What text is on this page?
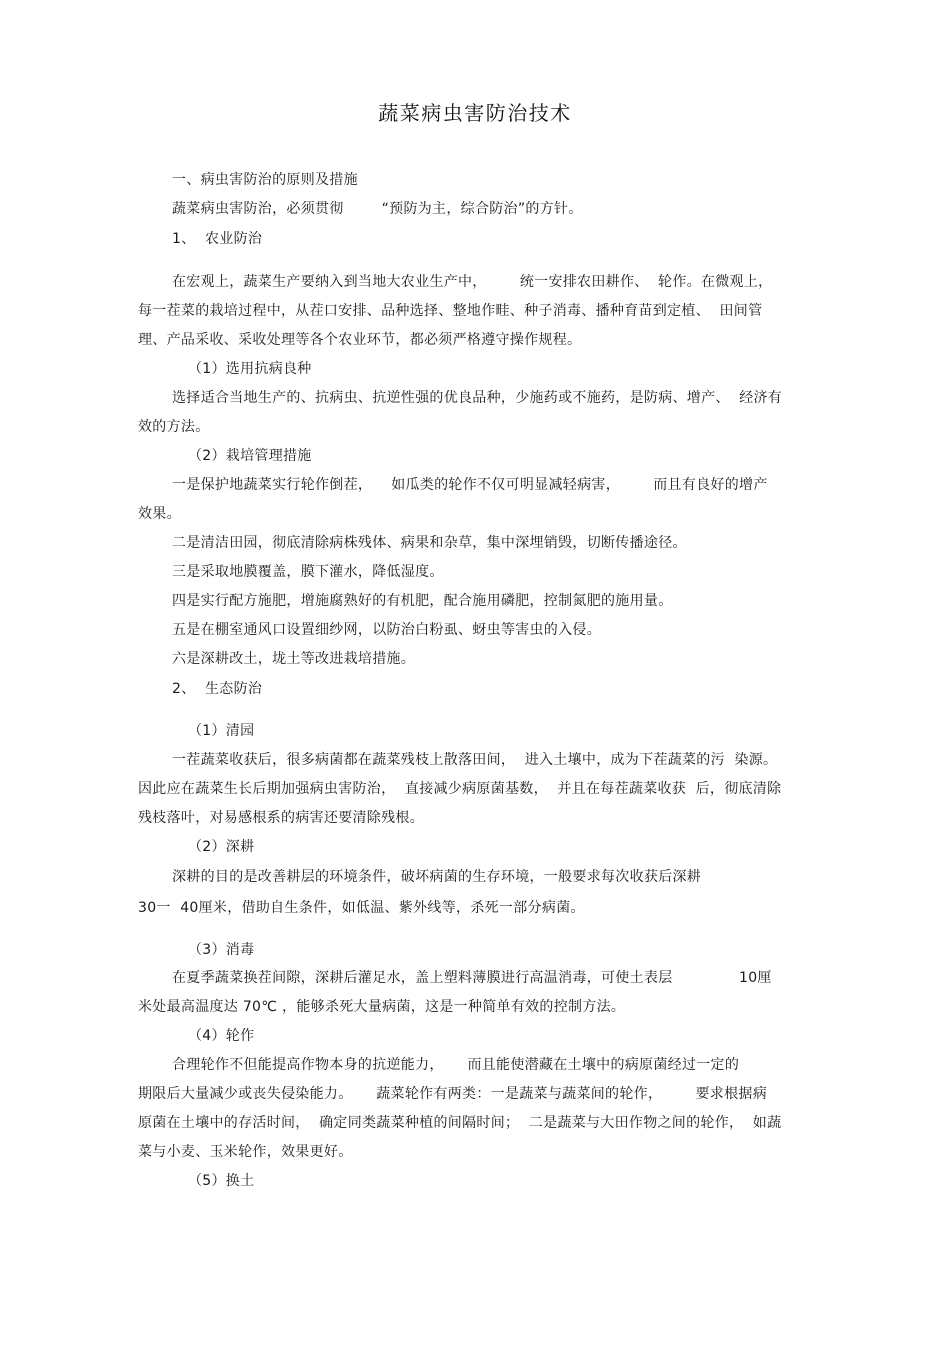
蔬菜病虫害防治技术
一、病虫害防治的原则及措施
蔬菜病虫害防治，必须贯彻        “预防为主，综合防治”的方针。
1、  农业防治
在宏观上，蔬菜生产要纳入到当地大农业生产中，       统一安排农田耕作、  轮作。在微观上，
每一茬菜的栽培过程中，从茬口安排、品种选择、整地作畦、种子消毒、播种育苗到定植、  田间管
理、产品采收、采收处理等各个农业环节，都必须严格遵守操作规程。
（1）选用抗病良种
选择适合当地生产的、抗病虫、抗逆性强的优良品种，少施药或不施药，是防病、增产、  经济有
效的方法。
（2）栽培管理措施
一是保护地蔬菜实行轮作倒茬，    如瓜类的轮作不仅可明显减轻病害，       而且有良好的增产
效果。
二是清洁田园，彻底清除病株残体、病果和杂草，集中深埋销毁，切断传播途径。
三是采取地膜覆盖，膜下灌水，降低湿度。
四是实行配方施肥，增施腐熟好的有机肥，配合施用磷肥，控制氮肥的施用量。
五是在棚室通风口设置细纱网，以防治白粉虱、蚜虫等害虫的入侵。
六是深耕改土，垅土等改进栽培措施。
2、  生态防治
（1）清园
一茬蔬菜收获后，很多病菌都在蔬菜残枝上散落田间，  进入土壤中，成为下茬蔬菜的污  染源。
因此应在蔬菜生长后期加强病虫害防治，  直接减少病原菌基数，  并且在每茬蔬菜收获  后，彻底清除
残枝落叶，对易感根系的病害还要清除残根。
（2）深耕
深耕的目的是改善耕层的环境条件，破坏病菌的生存环境，一般要求每次收获后深耕
30一  40厘米，借助自生条件，如低温、紫外线等，杀死一部分病菌。
（3）消毒
在夏季蔬菜换茬间隙，深耕后灌足水，盖上塑料薄膜进行高温消毒，可使土表层              10厘
米处最高温度达 70℃ ，能够杀死大量病菌，这是一种简单有效的控制方法。
（4）轮作
合理轮作不但能提高作物本身的抗逆能力，     而且能使潜藏在土壤中的病原菌经过一定的
期限后大量减少或丧失侵染能力。     蔬菜轮作有两类：一是蔬菜与蔬菜间的轮作，       要求根据病
原菌在土壤中的存活时间，  确定同类蔬菜种植的间隔时间；  二是蔬菜与大田作物之间的轮作，  如蔬
菜与小麦、玉米轮作，效果更好。
（5）换土
